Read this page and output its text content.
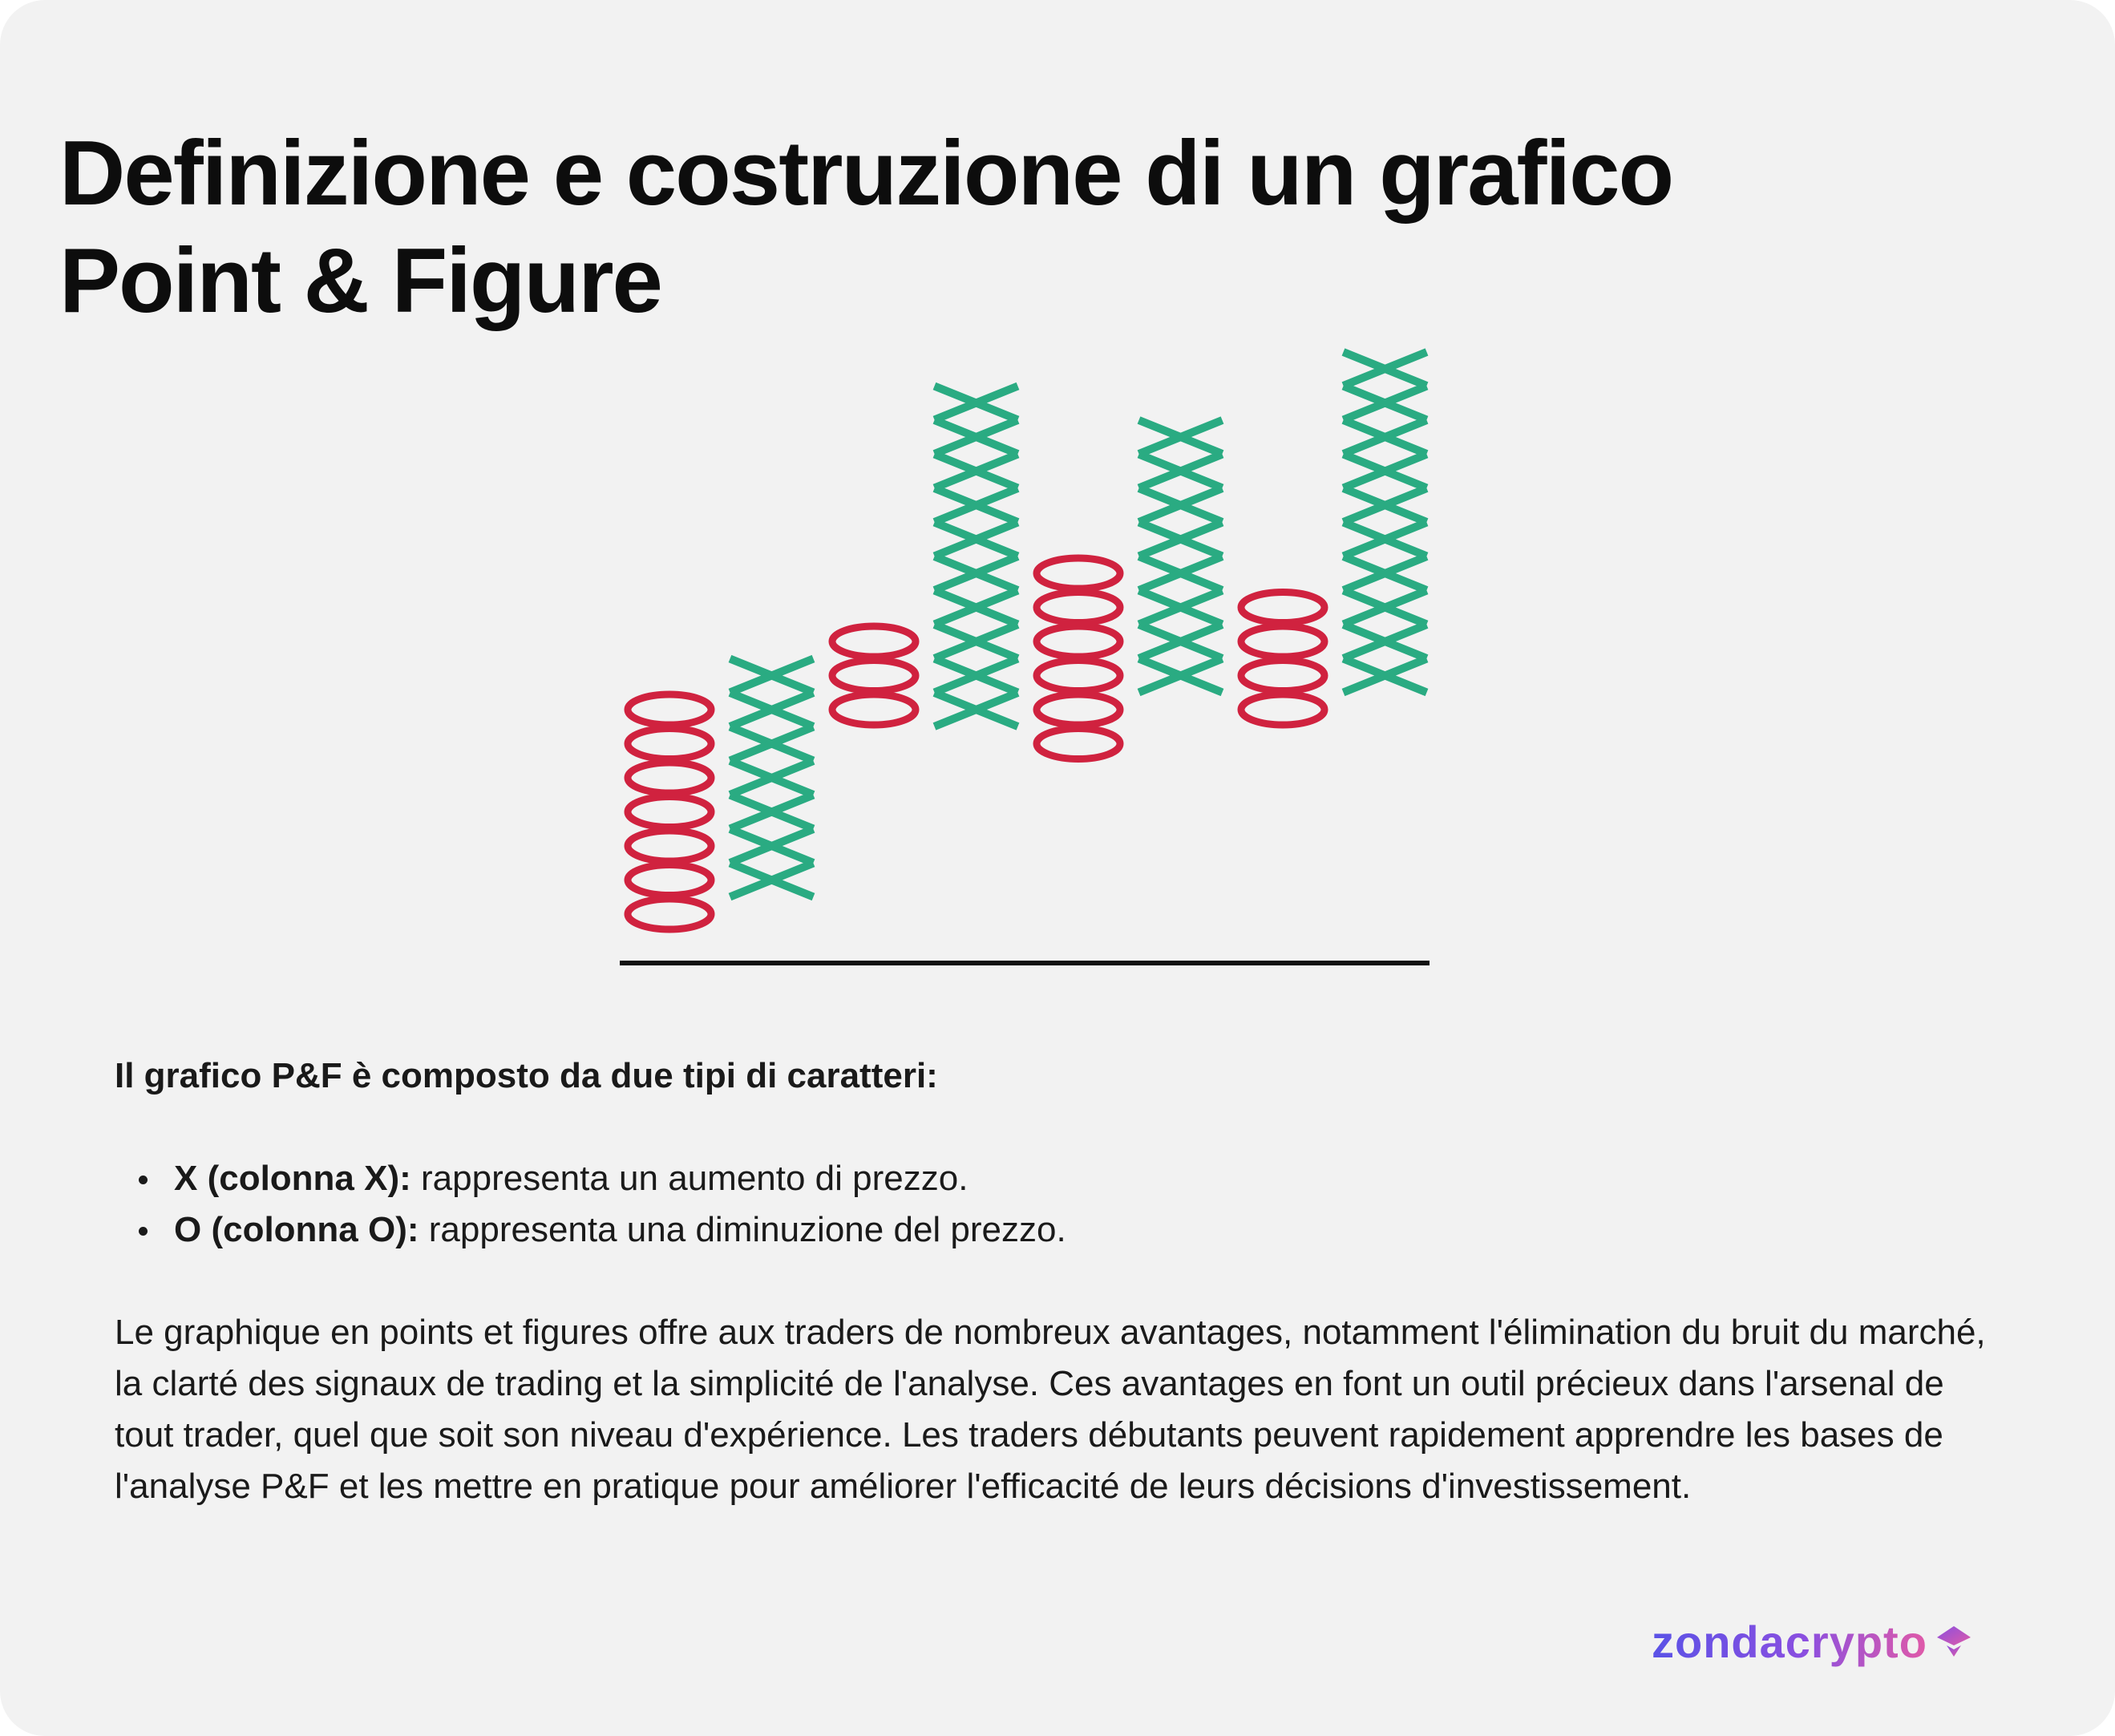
Definizione e costruzione di un grafico
Point & Figure

Il grafico P&F è composto da due tipi di caratteri:

X (colonna X): rappresenta un aumento di prezzo.
O (colonna O): rappresenta una diminuzione del prezzo.

Le graphique en points et figures offre aux traders de nombreux avantages, notamment l'élimination du bruit du marché, la clarté des signaux de trading et la simplicité de l'analyse. Ces avantages en font un outil précieux dans l'arsenal de tout trader, quel que soit son niveau d'expérience. Les traders débutants peuvent rapidement apprendre les bases de l'analyse P&F et les mettre en pratique pour améliorer l'efficacité de leurs décisions d'investissement.

zondacrypto
